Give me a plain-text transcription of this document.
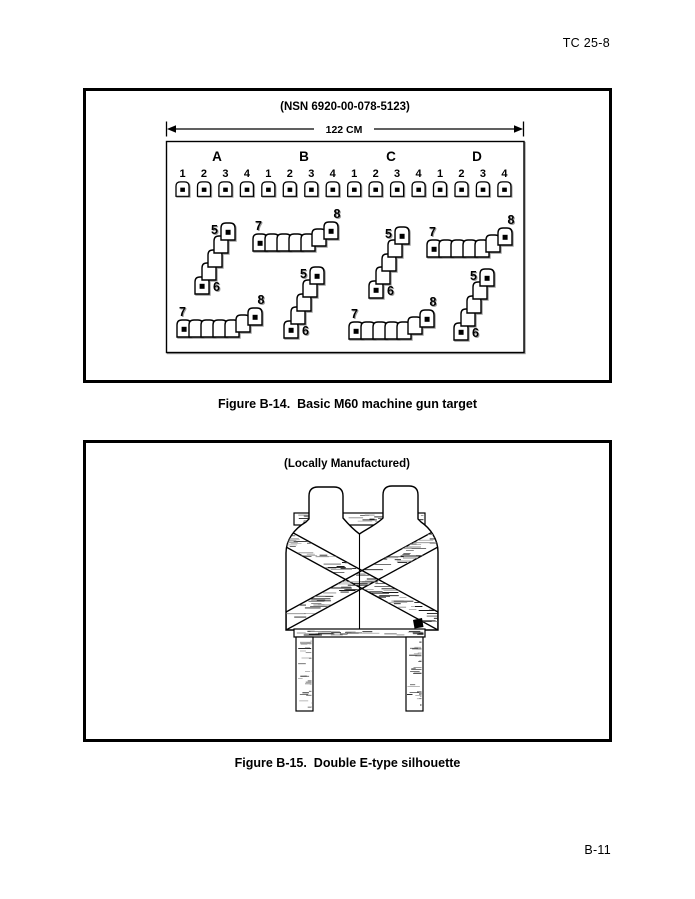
TC 25-8
(NSN 6920-00-078-5123)
122 CM
A	B	C	D
1 2 3 4 1 2 3 4 1 2 3 4 1 2 3 4
5
6
7
8
5
6
7
8
7
8
5
6
7
8
5
6
Figure B-14.  Basic M60 machine gun target
(Locally Manufactured)
Figure B-15.  Double E-type silhouette
B-11
